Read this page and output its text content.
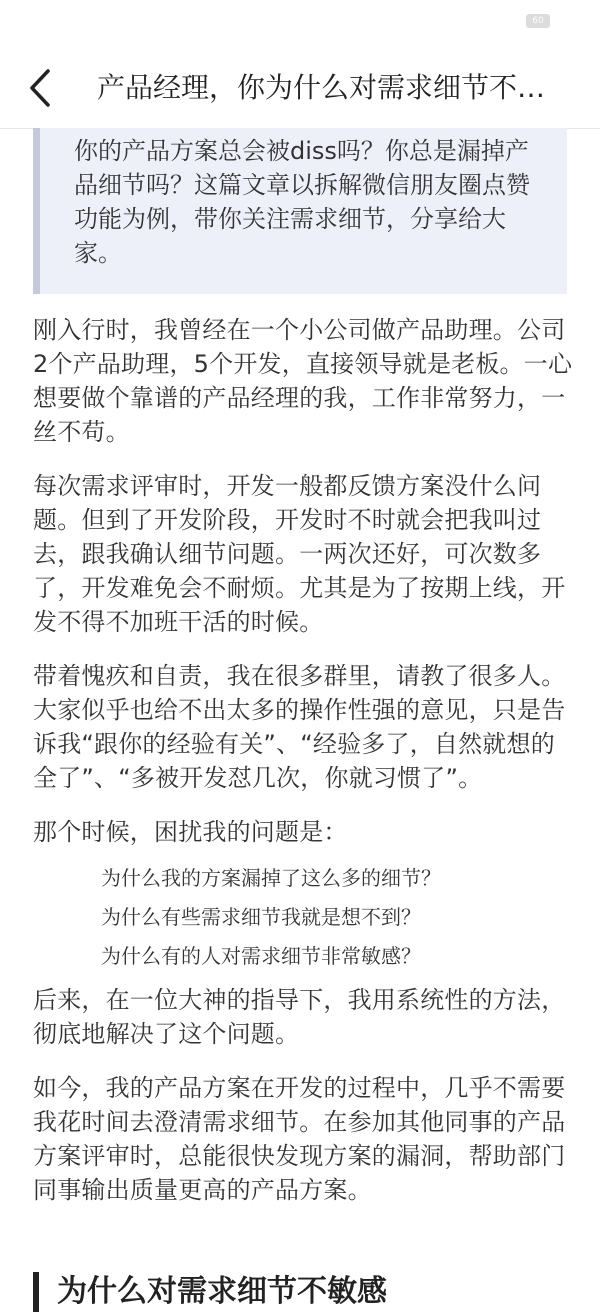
60
产品经理，你为什么对需求细节不…
你的产品方案总会被diss吗？你总是漏掉产品细节吗？这篇文章以拆解微信朋友圈点赞功能为例，带你关注需求细节，分享给大家。

刚入行时，我曾经在一个小公司做产品助理。公司2个产品助理，5个开发，直接领导就是老板。一心想要做个靠谱的产品经理的我，工作非常努力，一丝不苟。

每次需求评审时，开发一般都反馈方案没什么问题。但到了开发阶段，开发时不时就会把我叫过去，跟我确认细节问题。一两次还好，可次数多了，开发难免会不耐烦。尤其是为了按期上线，开发不得不加班干活的时候。

带着愧疚和自责，我在很多群里，请教了很多人。大家似乎也给不出太多的操作性强的意见，只是告诉我“跟你的经验有关”、“经验多了，自然就想的全了”、“多被开发怼几次，你就习惯了”。

那个时候，困扰我的问题是：

为什么我的方案漏掉了这么多的细节？
为什么有些需求细节我就是想不到？
为什么有的人对需求细节非常敏感？

后来，在一位大神的指导下，我用系统性的方法，彻底地解决了这个问题。

如今，我的产品方案在开发的过程中，几乎不需要我花时间去澄清需求细节。在参加其他同事的产品方案评审时，总能很快发现方案的漏洞，帮助部门同事输出质量更高的产品方案。

为什么对需求细节不敏感
